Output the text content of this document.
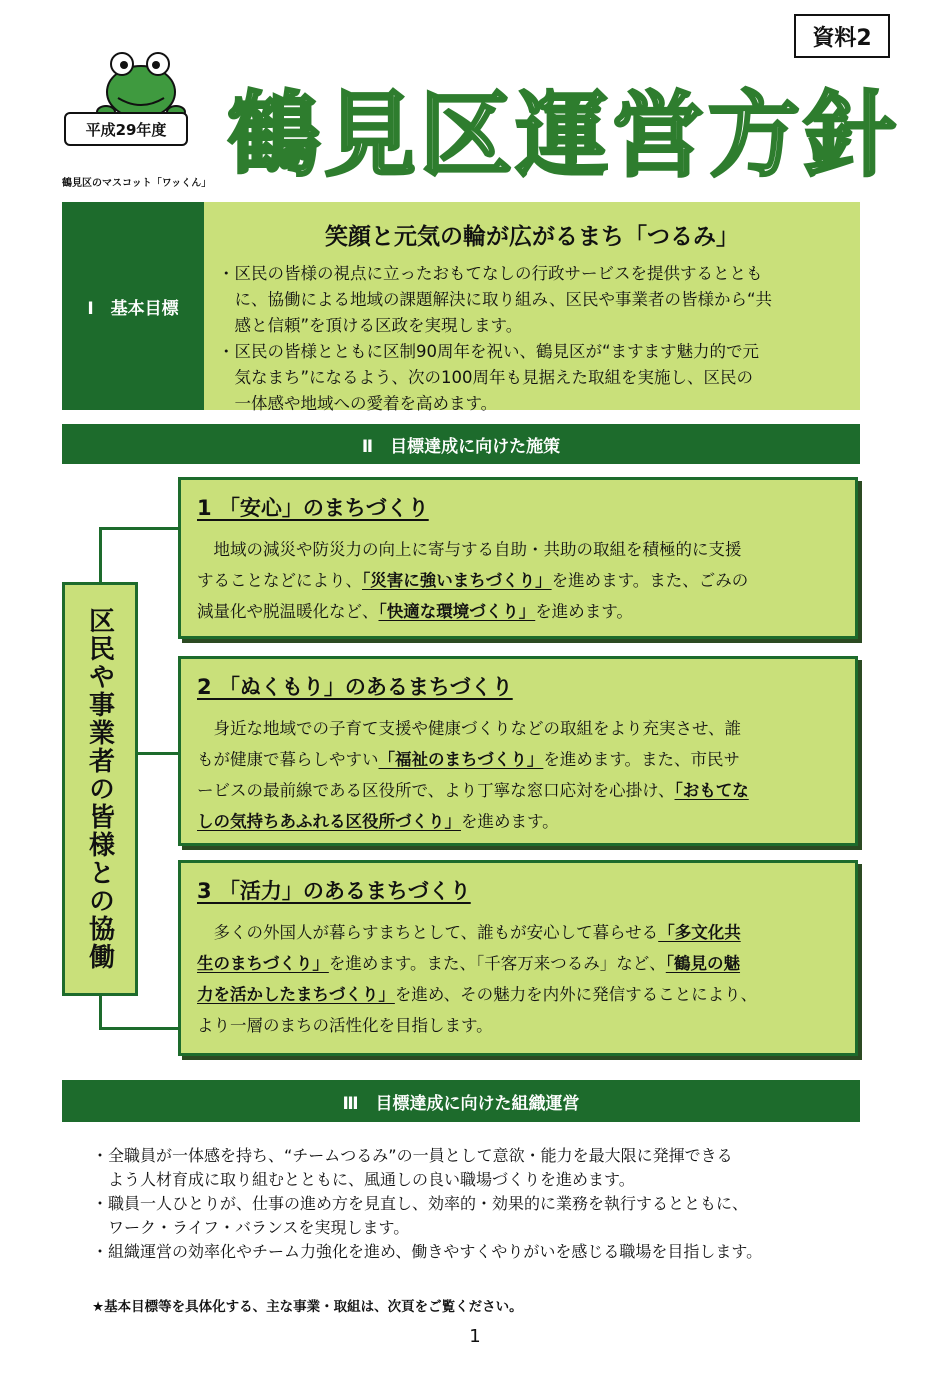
資料2
平成29年度
鶴見区のマスコット「ワッくん」 鶴見区運営方針
Ⅰ　基本目標
笑顔と元気の輪が広がるまち「つるみ」
・区民の皆様の視点に立ったおもてなしの行政サービスを提供するととも
　に、協働による地域の課題解決に取り組み、区民や事業者の皆様から“共
　感と信頼”を頂ける区政を実現します。
・区民の皆様とともに区制90周年を祝い、鶴見区が“ますます魅力的で元
　気なまち”になるよう、次の100周年も見据えた取組を実施し、区民の
　一体感や地域への愛着を高めます。
Ⅱ　目標達成に向けた施策
区民や事業者の皆様との協働
1 「安心」のまちづくり
　地域の減災や防災力の向上に寄与する自助・共助の取組を積極的に支援
することなどにより、「災害に強いまちづくり」を進めます。また、ごみの
減量化や脱温暖化など、「快適な環境づくり」を進めます。
2 「ぬくもり」のあるまちづくり
　身近な地域での子育て支援や健康づくりなどの取組をより充実させ、誰
もが健康で暮らしやすい「福祉のまちづくり」を進めます。また、市民サ
ービスの最前線である区役所で、より丁寧な窓口応対を心掛け、「おもてな
しの気持ちあふれる区役所づくり」を進めます。
3 「活力」のあるまちづくり
　多くの外国人が暮らすまちとして、誰もが安心して暮らせる「多文化共
生のまちづくり」を進めます。また、「千客万来つるみ」など、「鶴見の魅
力を活かしたまちづくり」を進め、その魅力を内外に発信することにより、
より一層のまちの活性化を目指します。
Ⅲ　目標達成に向けた組織運営
・全職員が一体感を持ち、“チームつるみ”の一員として意欲・能力を最大限に発揮できる
　よう人材育成に取り組むとともに、風通しの良い職場づくりを進めます。
・職員一人ひとりが、仕事の進め方を見直し、効率的・効果的に業務を執行するとともに、
　ワーク・ライフ・バランスを実現します。
・組織運営の効率化やチーム力強化を進め、働きやすくやりがいを感じる職場を目指します。
★基本目標等を具体化する、主な事業・取組は、次頁をご覧ください。
1
